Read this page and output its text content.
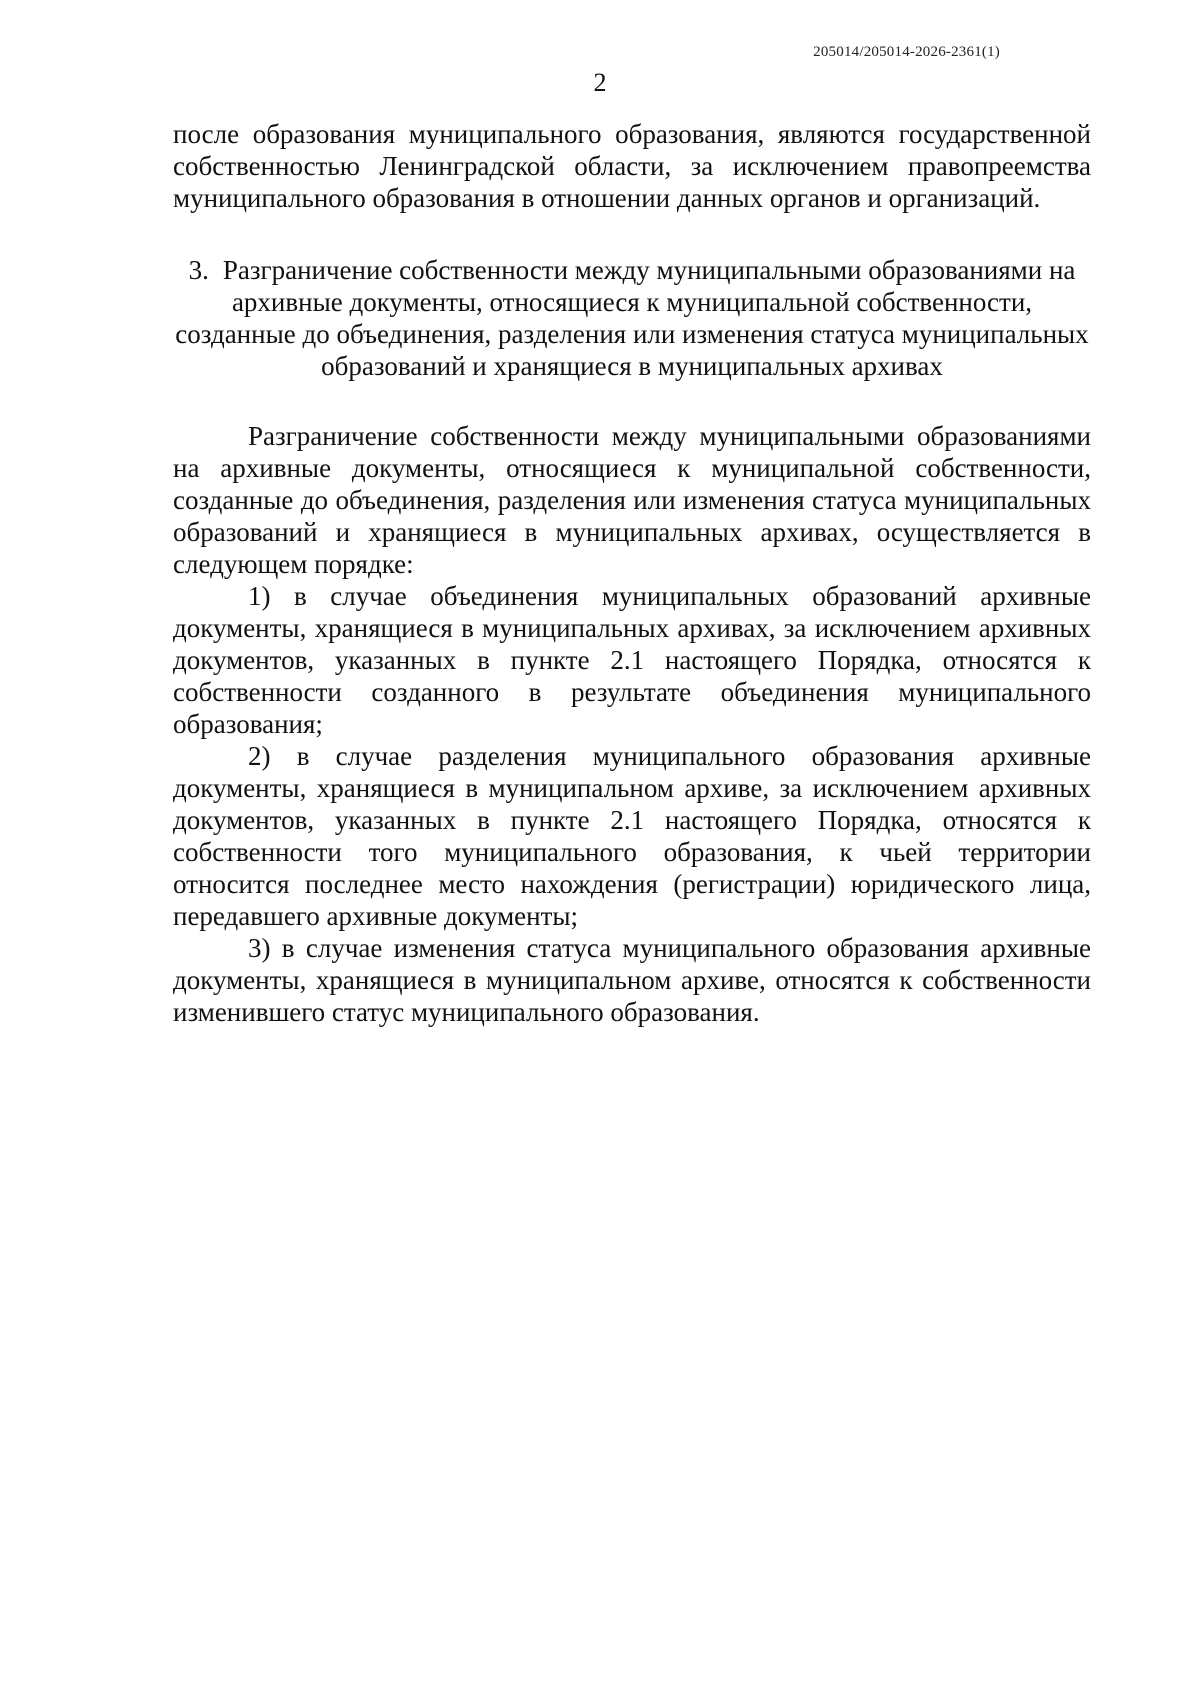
205014/205014-2026-2361(1)
2

после образования муниципального образования, являются государственной собственностью Ленинградской области, за исключением правопреемства муниципального образования в отношении данных органов и организаций.

3. Разграничение собственности между муниципальными образованиями на архивные документы, относящиеся к муниципальной собственности, созданные до объединения, разделения или изменения статуса муниципальных образований и хранящиеся в муниципальных архивах

Разграничение собственности между муниципальными образованиями на архивные документы, относящиеся к муниципальной собственности, созданные до объединения, разделения или изменения статуса муниципальных образований и хранящиеся в муниципальных архивах, осуществляется в следующем порядке:

1) в случае объединения муниципальных образований архивные документы, хранящиеся в муниципальных архивах, за исключением архивных документов, указанных в пункте 2.1 настоящего Порядка, относятся к собственности созданного в результате объединения муниципального образования;

2) в случае разделения муниципального образования архивные документы, хранящиеся в муниципальном архиве, за исключением архивных документов, указанных в пункте 2.1 настоящего Порядка, относятся к собственности того муниципального образования, к чьей территории относится последнее место нахождения (регистрации) юридического лица, передавшего архивные документы;

3) в случае изменения статуса муниципального образования архивные документы, хранящиеся в муниципальном архиве, относятся к собственности изменившего статус муниципального образования.
